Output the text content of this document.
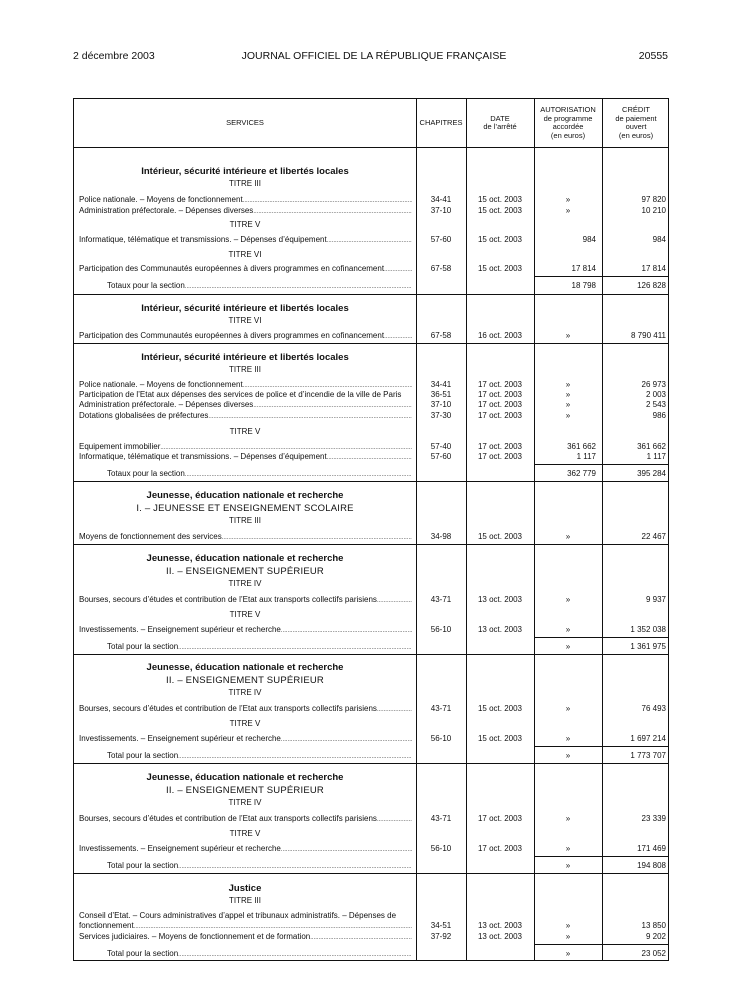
2 décembre 2003	JOURNAL OFFICIEL DE LA RÉPUBLIQUE FRANÇAISE	20555
SERVICES	CHAPITRES	DATE
de l’arrêté
AUTORISATION
de programme
accordée
(en euros)
CRÉDIT
de paiement
ouvert
(en euros)
Intérieur, sécurité intérieure et libertés locales
TITRE III
Police nationale. – Moyens de fonctionnement .....	34-41	15 oct. 2003	»	97 820
Administration préfectorale. – Dépenses diverses .....	37-10	15 oct. 2003	»	10 210
TITRE V
Informatique, télématique et transmissions. – Dépenses d’équipement .....	57-60	15 oct. 2003	984	984
TITRE VI
Participation des Communautés européennes à divers programmes en cofinancement .....	67-58	15 oct. 2003	17 814	17 814
Totaux pour la section .....	18 798	126 828
Intérieur, sécurité intérieure et libertés locales
TITRE VI
Participation des Communautés européennes à divers programmes en cofinancement .....	67-58	16 oct. 2003	»	8 790 411
Intérieur, sécurité intérieure et libertés locales
TITRE III
Police nationale. – Moyens de fonctionnement .....	34-41	17 oct. 2003	»	26 973
Participation de l’Etat aux dépenses des services de police et d’incendie de la ville de Paris	36-51	17 oct. 2003	»	2 003
Administration préfectorale. – Dépenses diverses .....	37-10	17 oct. 2003	»	2 543
Dotations globalisées de préfectures .....	37-30	17 oct. 2003	»	986
TITRE V
Equipement immobilier .....	57-40	17 oct. 2003	361 662	361 662
Informatique, télématique et transmissions. – Dépenses d’équipement .....	57-60	17 oct. 2003	1 117	1 117
Totaux pour la section .....	362 779	395 284
Jeunesse, éducation nationale et recherche
I. – JEUNESSE ET ENSEIGNEMENT SCOLAIRE
TITRE III
Moyens de fonctionnement des services .....	34-98	15 oct. 2003	»	22 467
Jeunesse, éducation nationale et recherche
II. – ENSEIGNEMENT SUPÉRIEUR
TITRE IV
Bourses, secours d’études et contribution de l’Etat aux transports collectifs parisiens .....	43-71	13 oct. 2003	»	9 937
TITRE V
Investissements. – Enseignement supérieur et recherche .....	56-10	13 oct. 2003	»	1 352 038
Total pour la section .....	»	1 361 975
Jeunesse, éducation nationale et recherche
II. – ENSEIGNEMENT SUPÉRIEUR
TITRE IV
Bourses, secours d’études et contribution de l’Etat aux transports collectifs parisiens .....	43-71	15 oct. 2003	»	76 493
TITRE V
Investissements. – Enseignement supérieur et recherche .....	56-10	15 oct. 2003	»	1 697 214
Total pour la section .....	»	1 773 707
Jeunesse, éducation nationale et recherche
II. – ENSEIGNEMENT SUPÉRIEUR
TITRE IV
Bourses, secours d’études et contribution de l’Etat aux transports collectifs parisiens .....	43-71	17 oct. 2003	»	23 339
TITRE V
Investissements. – Enseignement supérieur et recherche .....	56-10	17 oct. 2003	»	171 469
Total pour la section .....	»	194 808
Justice
TITRE III
Conseil d’Etat. – Cours administratives d’appel et tribunaux administratifs. – Dépenses de
fonctionnement .....	34-51	13 oct. 2003	»	13 850
Services judiciaires. – Moyens de fonctionnement et de formation .....	37-92	13 oct. 2003	»	9 202
Total pour la section .....	»	23 052
